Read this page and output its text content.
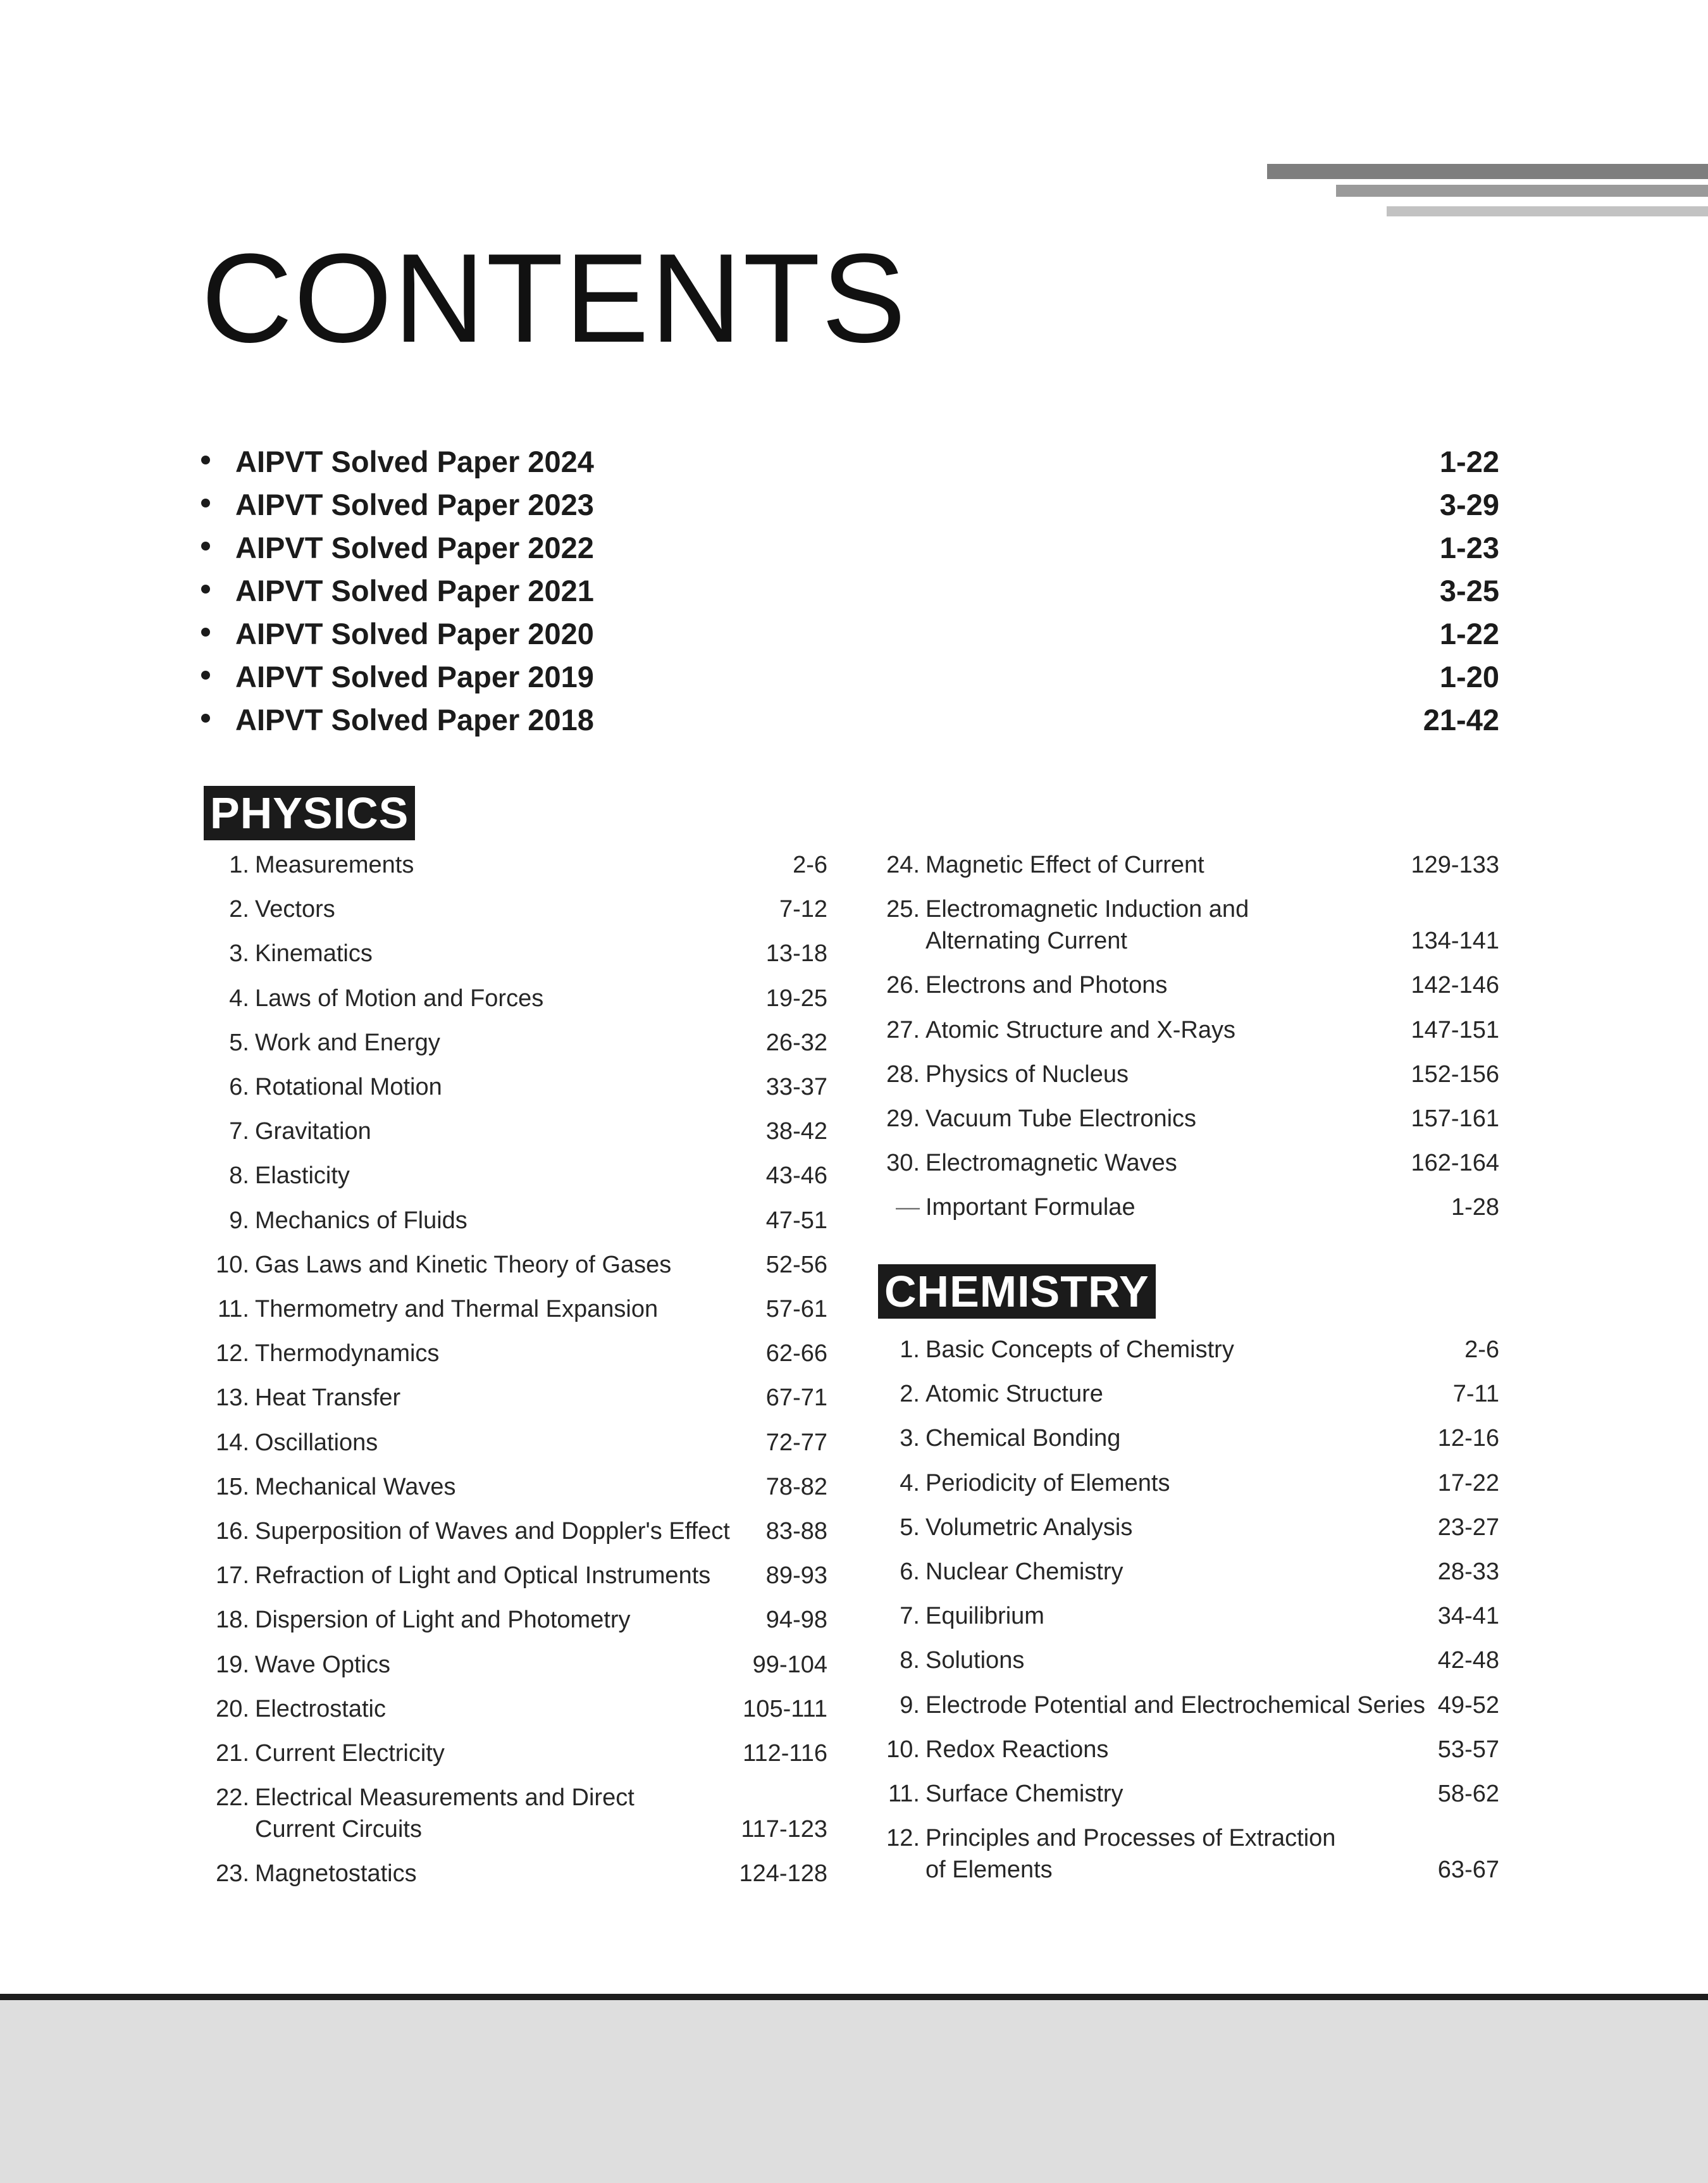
CONTENTS
AIPVT Solved Paper 2024	1-22
AIPVT Solved Paper 2023	3-29
AIPVT Solved Paper 2022	1-23
AIPVT Solved Paper 2021	3-25
AIPVT Solved Paper 2020	1-22
AIPVT Solved Paper 2019	1-20
AIPVT Solved Paper 2018	21-42
PHYSICS
1. Measurements	2-6
2. Vectors	7-12
3. Kinematics	13-18
4. Laws of Motion and Forces	19-25
5. Work and Energy	26-32
6. Rotational Motion	33-37
7. Gravitation	38-42
8. Elasticity	43-46
9. Mechanics of Fluids	47-51
10. Gas Laws and Kinetic Theory of Gases	52-56
11. Thermometry and Thermal Expansion	57-61
12. Thermodynamics	62-66
13. Heat Transfer	67-71
14. Oscillations	72-77
15. Mechanical Waves	78-82
16. Superposition of Waves and Doppler's Effect 83-88
17. Refraction of Light and Optical Instruments 89-93
18. Dispersion of Light and Photometry	94-98
19. Wave Optics	99-104
20. Electrostatic	105-111
21. Current Electricity	112-116
22. Electrical Measurements and Direct
Current Circuits	117-123
23. Magnetostatics	124-128
24. Magnetic Effect of Current	129-133
25. Electromagnetic Induction and
Alternating Current	134-141
26. Electrons and Photons	142-146
27. Atomic Structure and X-Rays	147-151
28. Physics of Nucleus	152-156
29. Vacuum Tube Electronics	157-161
30. Electromagnetic Waves	162-164
— Important Formulae	1-28
CHEMISTRY
1. Basic Concepts of Chemistry	2-6
2. Atomic Structure	7-11
3. Chemical Bonding	12-16
4. Periodicity of Elements	17-22
5. Volumetric Analysis	23-27
6. Nuclear Chemistry	28-33
7. Equilibrium	34-41
8. Solutions	42-48
9. Electrode Potential and Electrochemical Series 49-52
10. Redox Reactions	53-57
11. Surface Chemistry	58-62
12. Principles and Processes of Extraction
of Elements	63-67
